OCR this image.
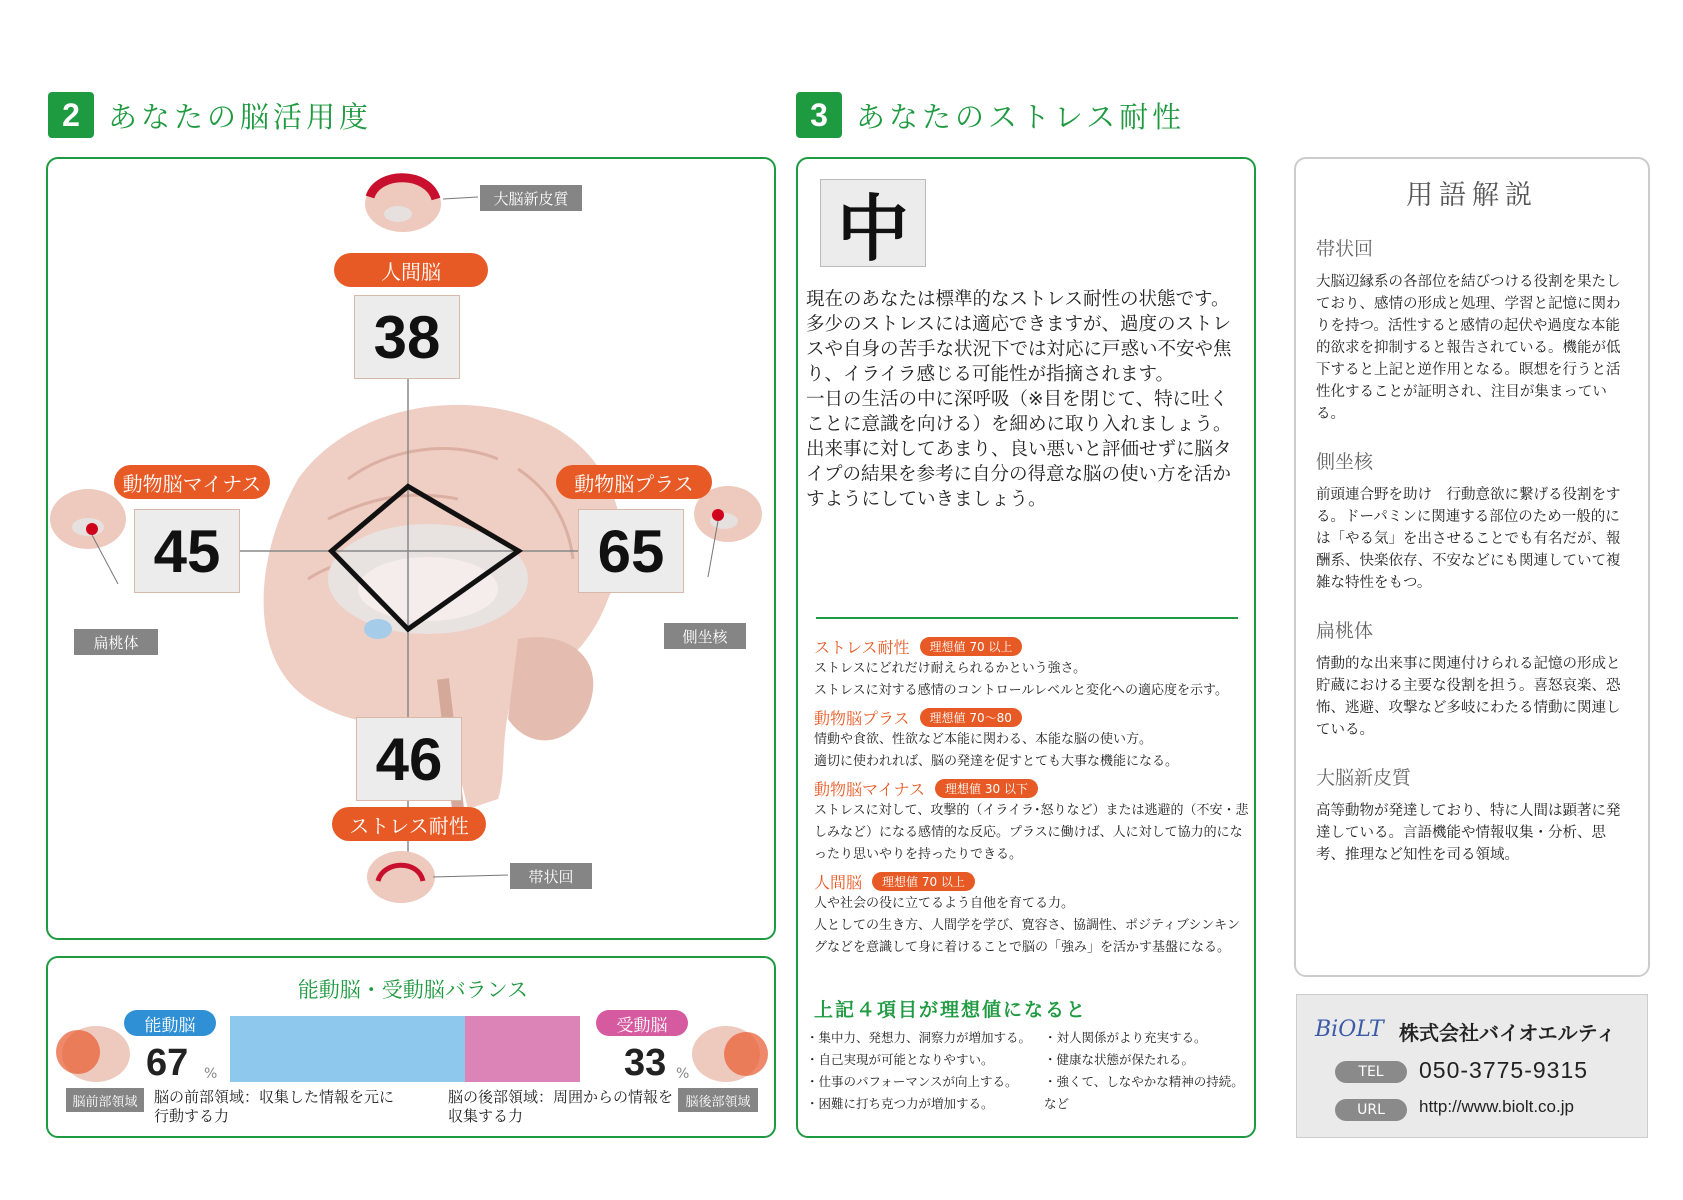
2 あなたの脳活用度	3 あなたのストレス耐性
大脳新皮質
人間脳
38
動物脳マイナス
45
扁桃体
動物脳プラス
65
側坐核
46
ストレス耐性
帯状回
能動脳・受動脳バランス
能動脳
67 %
受動脳
33 %
脳前部領域	脳の前部領域：収集した情報を元に行動する力
脳の後部領域：周囲からの情報を収集する力
脳後部領域
中

現在のあなたは標準的なストレス耐性の状態です。多少のストレスには適応できますが、過度のストレスや自身の苦手な状況下では対応に戸惑い不安や焦り、イライラ感じる可能性が指摘されます。

一日の生活の中に深呼吸（※目を閉じて、特に吐くことに意識を向ける）を細めに取り入れましょう。出来事に対してあまり、良い悪いと評価せずに脳タイプの結果を参考に自分の得意な脳の使い方を活かすようにしていきましょう。

ストレス耐性	理想値 70 以上

ストレスにどれだけ耐えられるかという強さ。

ストレスに対する感情のコントロールレベルと変化への適応度を示す。

動物脳プラス	理想値 70〜80

情動や食欲、性欲など本能に関わる、本能な脳の使い方。

適切に使われれば、脳の発達を促すとても大事な機能になる。

動物脳マイナス	理想値 30 以下

ストレスに対して、攻撃的（イライラ･怒りなど）または逃避的（不安・悲しみなど）になる感情的な反応。プラスに働けば、人に対して協力的になったり思いやりを持ったりできる。

人間脳	理想値 70 以上

人や社会の役に立てるよう自他を育てる力。

人としての生き方、人間学を学び、寛容さ、協調性、ポジティブシンキングなどを意識して身に着けることで脳の「強み」を活かす基盤になる。

上記４項目が理想値になると
・集中力、発想力、洞察力が増加する。
・自己実現が可能となりやすい。
・仕事のパフォーマンスが向上する。
・困難に打ち克つ力が増加する。
・対人関係がより充実する。
・健康な状態が保たれる。
・強くて、しなやかな精神の持続。
など
用語解説
帯状回

大脳辺縁系の各部位を結びつける役割を果たしており、感情の形成と処理、学習と記憶に関わりを持つ。活性すると感情の起伏や過度な本能的欲求を抑制すると報告されている。機能が低下すると上記と逆作用となる。瞑想を行うと活性化することが証明され、注目が集まっている。

側坐核

前頭連合野を助け　行動意欲に繋げる役割をする。ドーパミンに関連する部位のため一般的には「やる気」を出させることでも有名だが、報酬系、快楽依存、不安などにも関連していて複雑な特性をもつ。

扁桃体

情動的な出来事に関連付けられる記憶の形成と貯蔵における主要な役割を担う。喜怒哀楽、恐怖、逃避、攻撃など多岐にわたる情動に関連している。

大脳新皮質

高等動物が発達しており、特に人間は顕著に発達している。言語機能や情報収集・分析、思考、推理など知性を司る領域。

BiOLT 株式会社バイオエルティ
TEL	050-3775-9315
URL	http://www.biolt.co.jp
